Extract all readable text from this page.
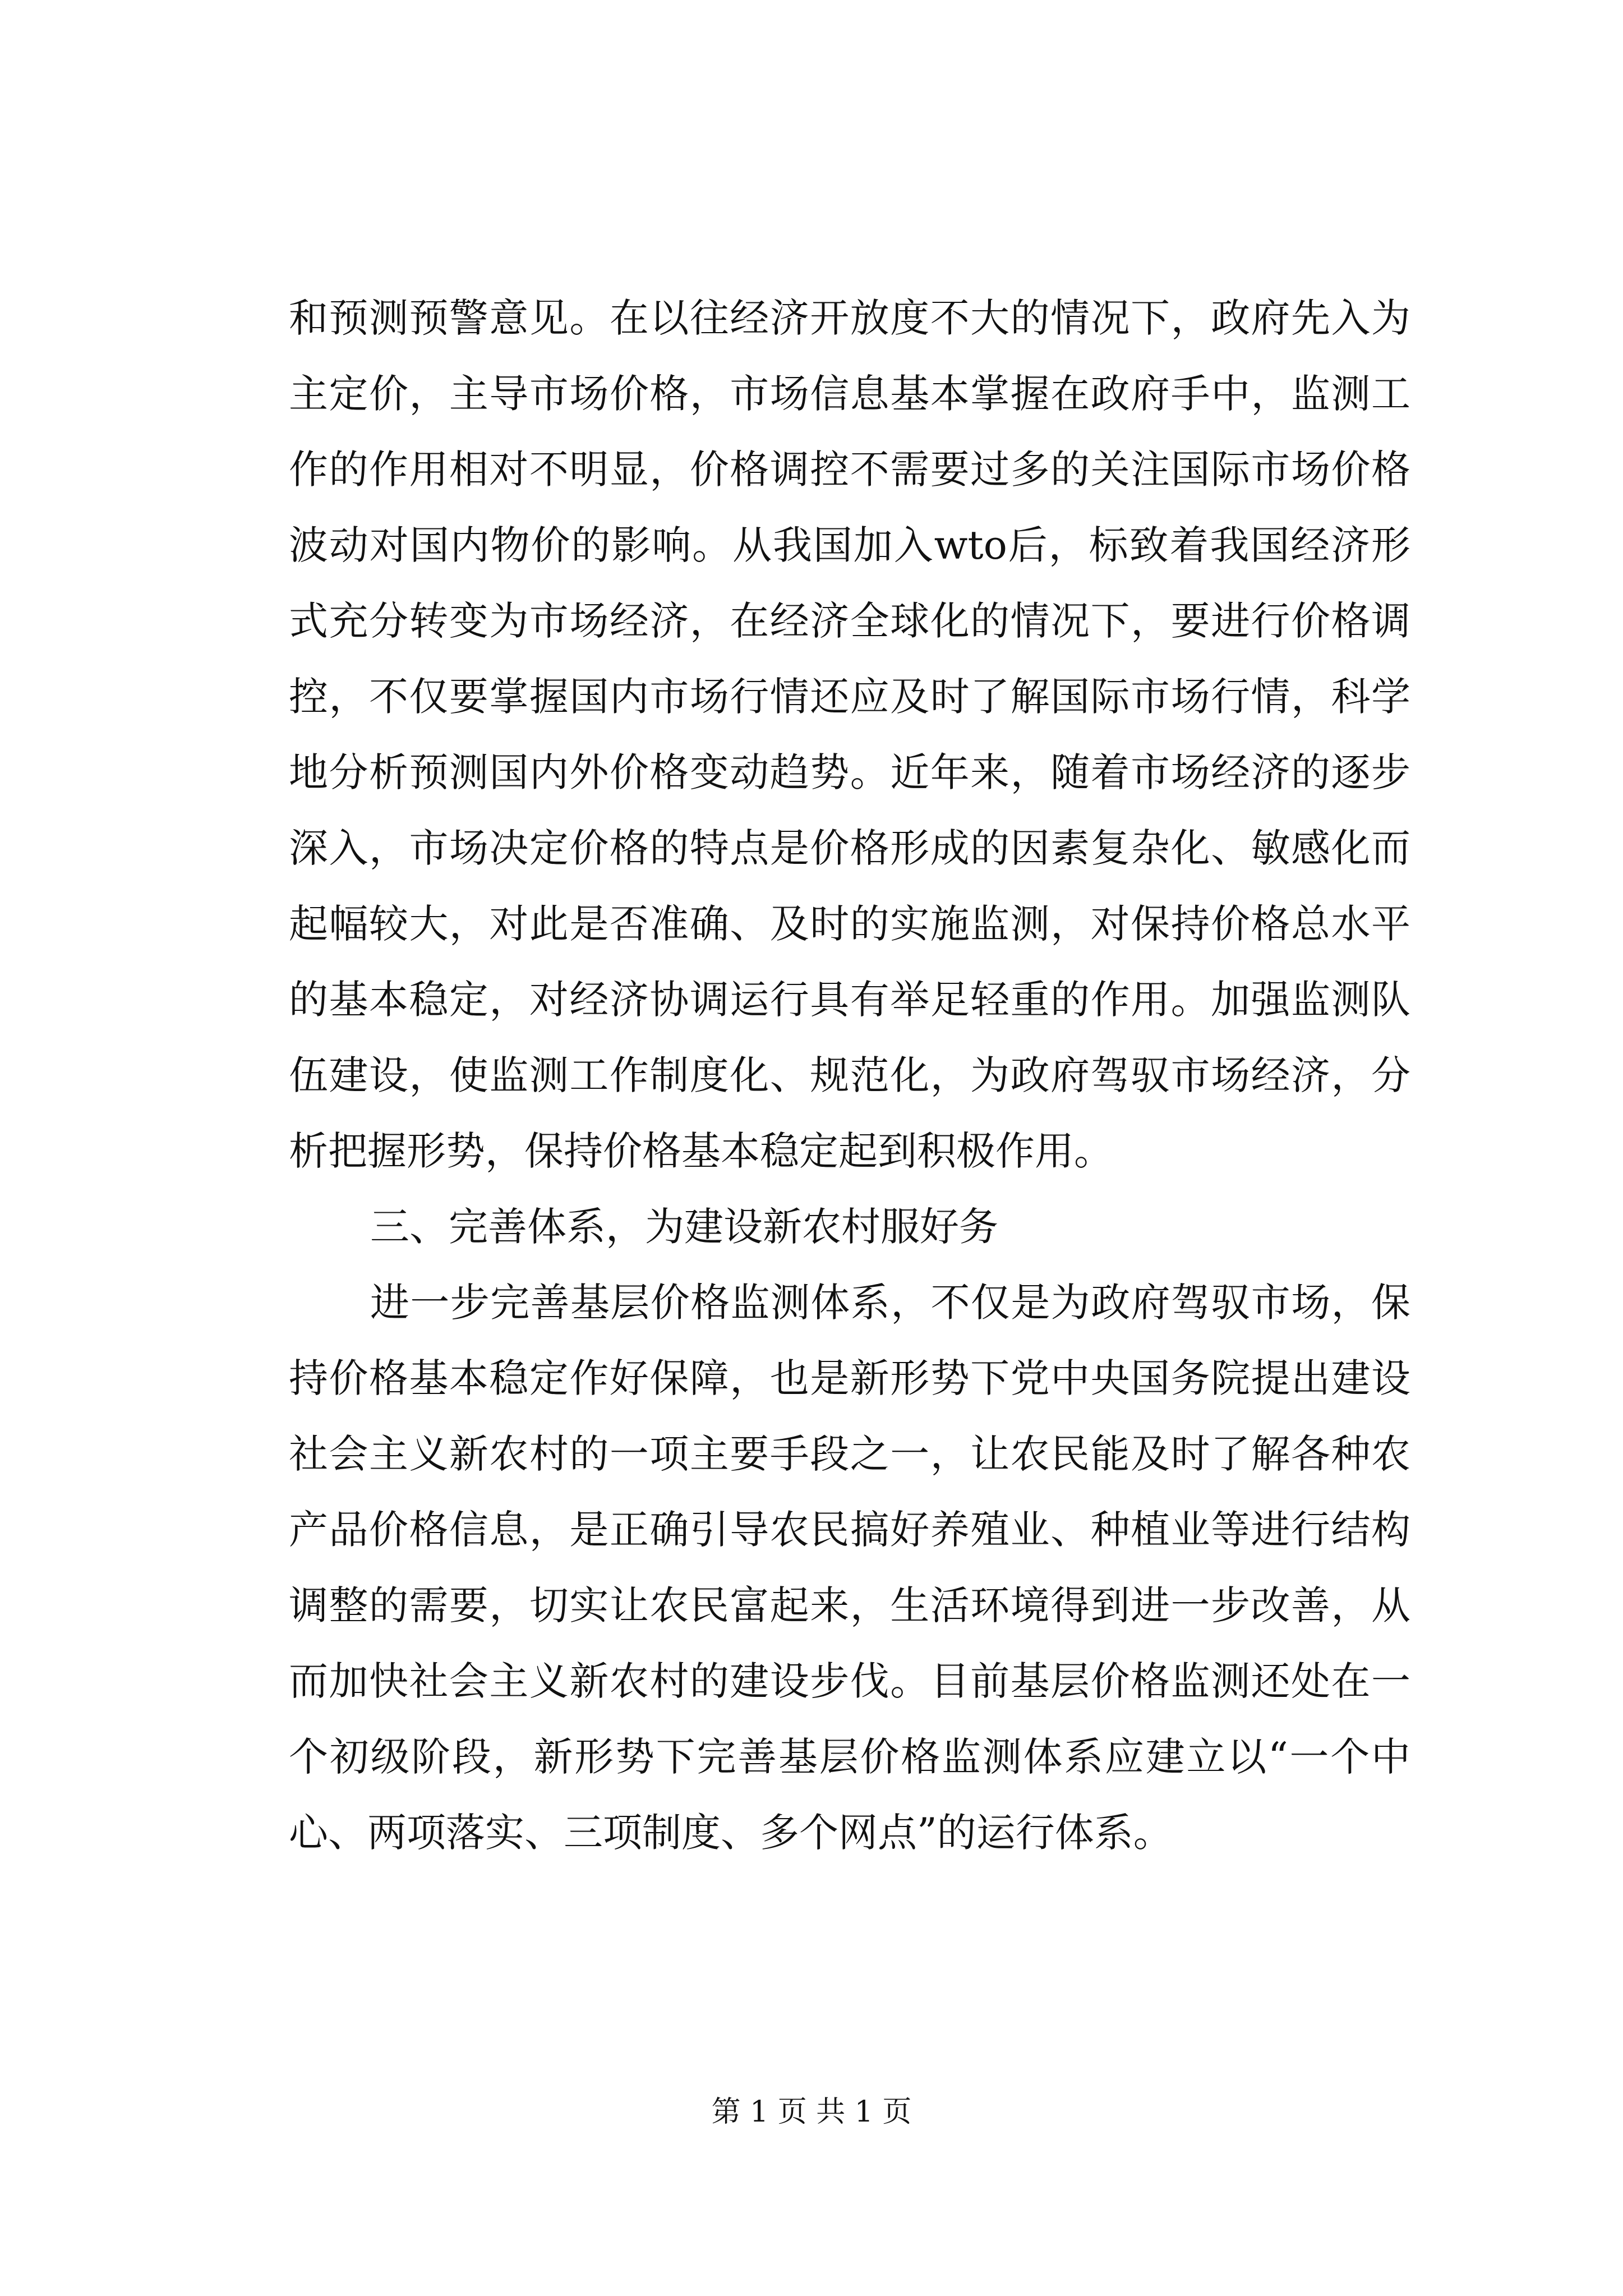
和预测预警意见。在以往经济开放度不大的情况下，政府先入为
主定价，主导市场价格，市场信息基本掌握在政府手中，监测工
作的作用相对不明显，价格调控不需要过多的关注国际市场价格
波动对国内物价的影响。从我国加入wto后，标致着我国经济形
式充分转变为市场经济，在经济全球化的情况下，要进行价格调
控，不仅要掌握国内市场行情还应及时了解国际市场行情，科学
地分析预测国内外价格变动趋势。近年来，随着市场经济的逐步
深入，市场决定价格的特点是价格形成的因素复杂化、敏感化而
起幅较大，对此是否准确、及时的实施监测，对保持价格总水平
的基本稳定，对经济协调运行具有举足轻重的作用。加强监测队
伍建设，使监测工作制度化、规范化，为政府驾驭市场经济，分
析把握形势，保持价格基本稳定起到积极作用。
三、完善体系，为建设新农村服好务
进一步完善基层价格监测体系，不仅是为政府驾驭市场，保
持价格基本稳定作好保障，也是新形势下党中央国务院提出建设
社会主义新农村的一项主要手段之一，让农民能及时了解各种农
产品价格信息，是正确引导农民搞好养殖业、种植业等进行结构
调整的需要，切实让农民富起来，生活环境得到进一步改善，从
而加快社会主义新农村的建设步伐。目前基层价格监测还处在一
个初级阶段，新形势下完善基层价格监测体系应建立以“一个中
心、两项落实、三项制度、多个网点”的运行体系。
第 1 页 共 1 页
